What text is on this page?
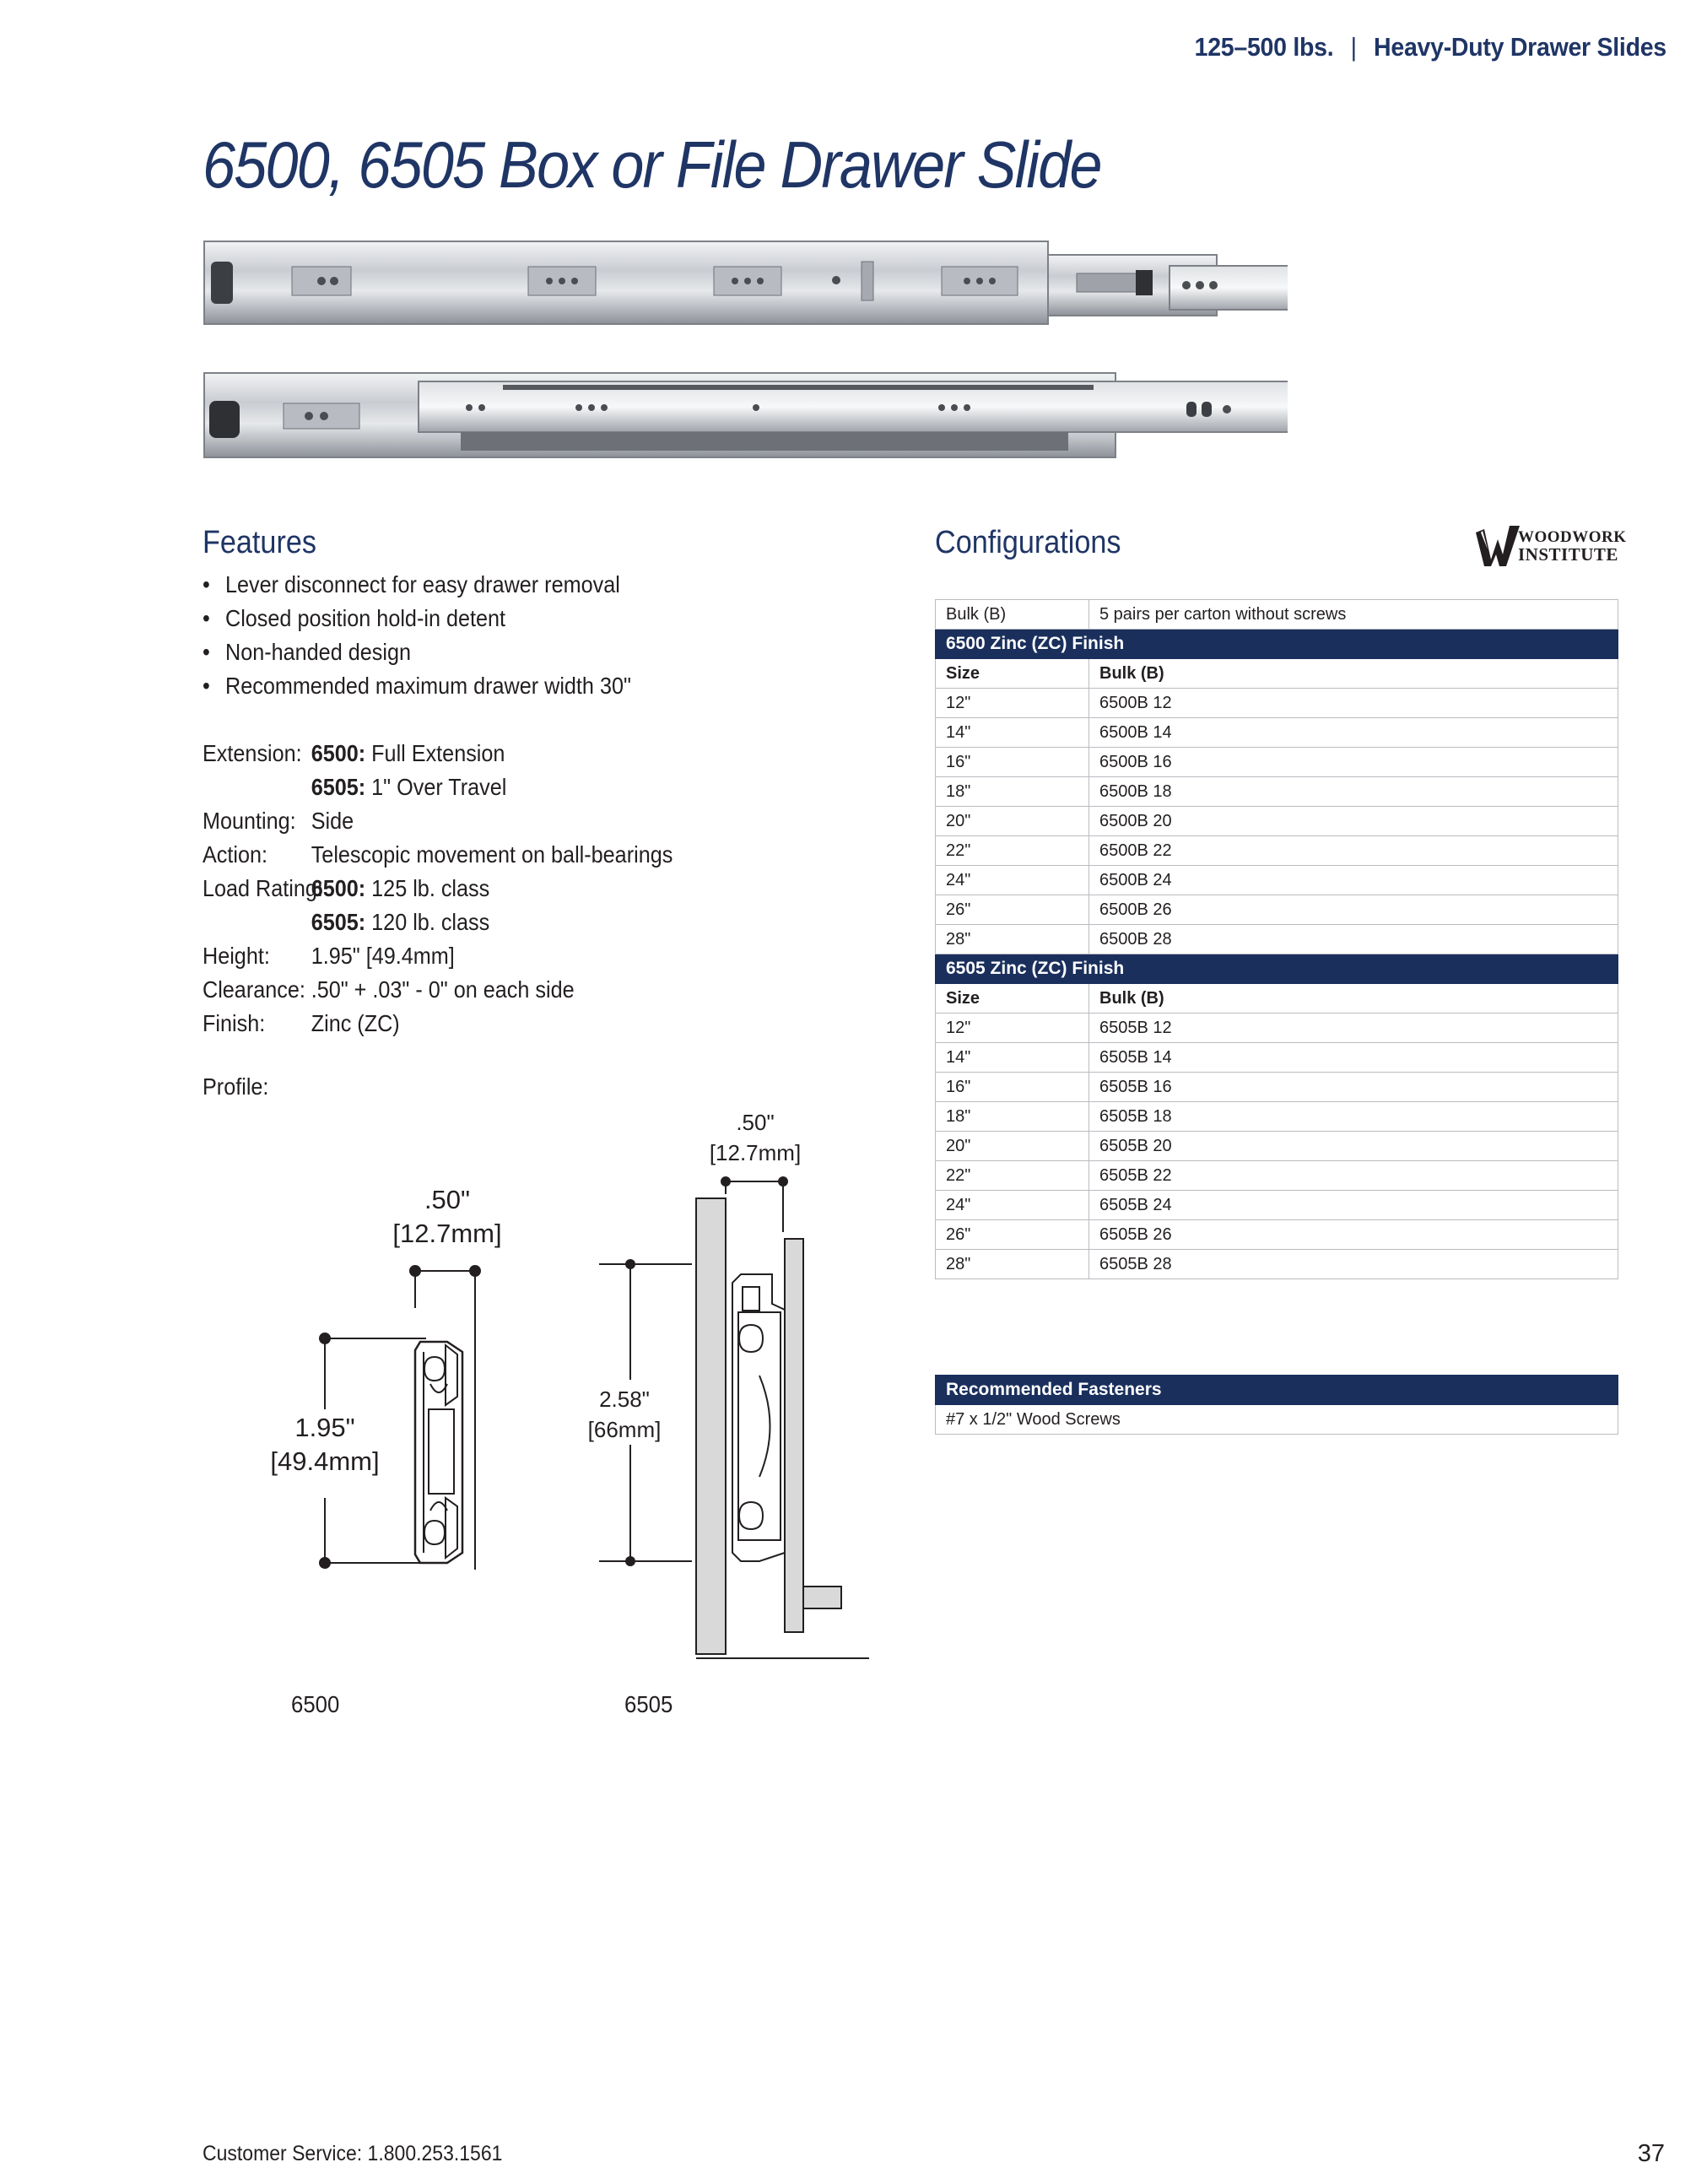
125–500 lbs. | Heavy-Duty Drawer Slides
6500, 6505 Box or File Drawer Slide
Features
• Lever disconnect for easy drawer removal
• Closed position hold-in detent
• Non-handed design
• Recommended maximum drawer width 30"
Extension: 6500: Full Extension
6505: 1" Over Travel
Mounting: Side
Action:	Telescopic movement on ball-bearings
Load Rating:
6500: 125 lb. class
6505: 120 lb. class
Height:	1.95" [49.4mm]
Clearance: .50" + .03" - 0" on each side
Finish:	Zinc (ZC)
Profile:
.50"
[12.7mm]
1.95"
[49.4mm]
6500
.50"
[12.7mm]
2.58"
[66mm]
6505
Configurations	WOODWORK
INSTITUTE
Bulk (B)	5 pairs per carton without screws
6500 Zinc (ZC) Finish	
Size	Bulk (B)
12"	6500B 12
14"	6500B 14
16"	6500B 16
18"	6500B 18
20"	6500B 20
22"	6500B 22
24"	6500B 24
26"	6500B 26
28"	6500B 28
6505 Zinc (ZC) Finish	
Size	Bulk (B)
12"	6505B 12
14"	6505B 14
16"	6505B 16
18"	6505B 18
20"	6505B 20
22"	6505B 22
24"	6505B 24
26"	6505B 26
28"	6505B 28
Recommended Fasteners
#7 x 1/2" Wood Screws
Customer Service: 1.800.253.1561	37
